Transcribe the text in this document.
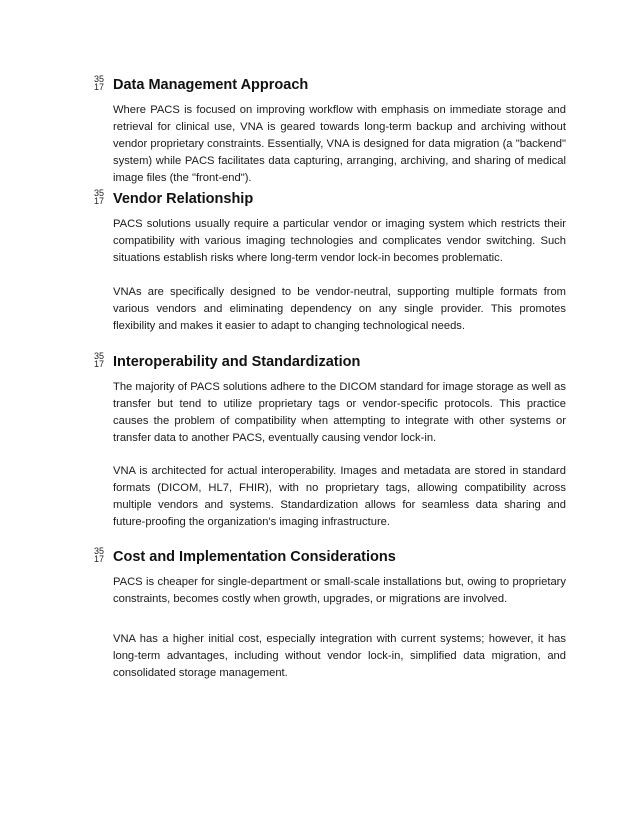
35
17 Data Management Approach

Where PACS is focused on improving workflow with emphasis on immediate storage and retrieval for clinical use, VNA is geared towards long-term backup and archiving without vendor proprietary constraints. Essentially, VNA is designed for data migration (a "backend" system) while PACS facilitates data capturing, arranging, archiving, and sharing of medical image files (the "front-end").

35
17 Vendor Relationship

PACS solutions usually require a particular vendor or imaging system which restricts their compatibility with various imaging technologies and complicates vendor switching. Such situations establish risks where long-term vendor lock-in becomes problematic.

VNAs are specifically designed to be vendor-neutral, supporting multiple formats from various vendors and eliminating dependency on any single provider. This promotes flexibility and makes it easier to adapt to changing technological needs.

35
17 Interoperability and Standardization

The majority of PACS solutions adhere to the DICOM standard for image storage as well as transfer but tend to utilize proprietary tags or vendor-specific protocols. This practice causes the problem of compatibility when attempting to integrate with other systems or transfer data to another PACS, eventually causing vendor lock-in.

VNA is architected for actual interoperability. Images and metadata are stored in standard formats (DICOM, HL7, FHIR), with no proprietary tags, allowing compatibility across multiple vendors and systems. Standardization allows for seamless data sharing and future-proofing the organization's imaging infrastructure.

35
17 Cost and Implementation Considerations

PACS is cheaper for single-department or small-scale installations but, owing to proprietary constraints, becomes costly when growth, upgrades, or migrations are involved.

VNA has a higher initial cost, especially integration with current systems; however, it has long-term advantages, including without vendor lock-in, simplified data migration, and consolidated storage management.
